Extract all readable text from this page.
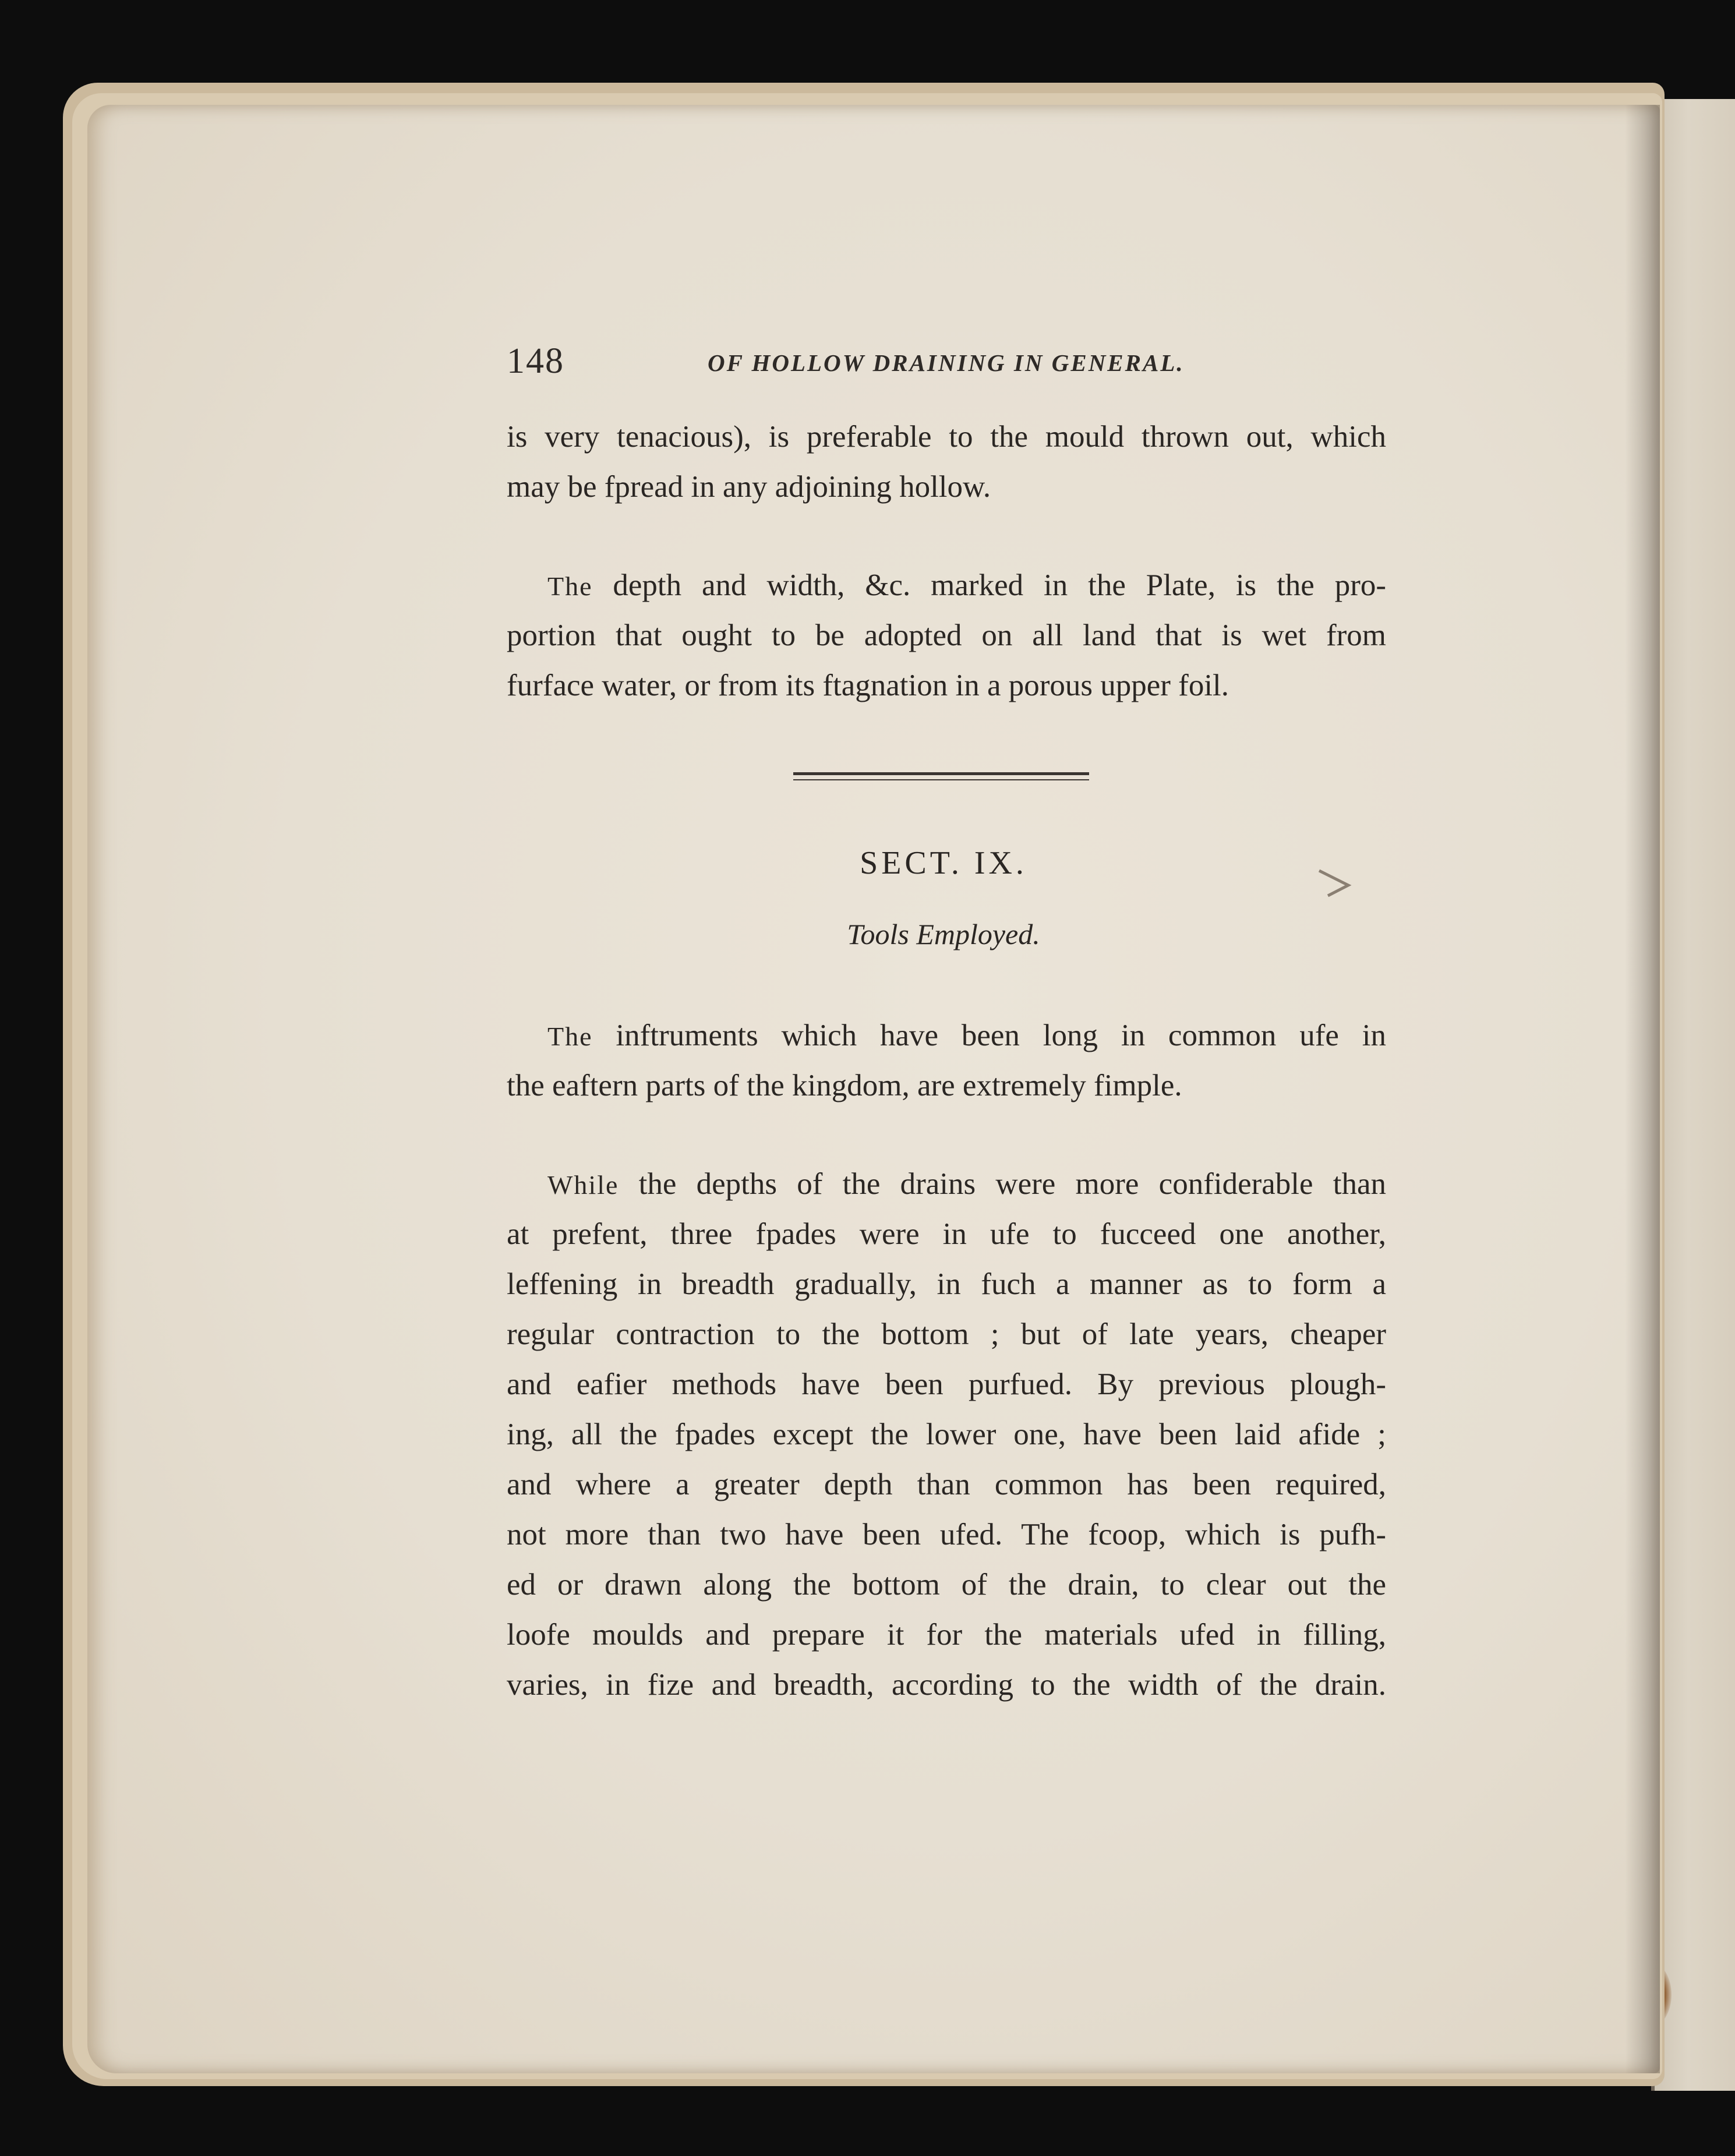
148	OF HOLLOW DRAINING IN GENERAL.
is very tenacious), is preferable to the mould thrown out, which
may be fpread in any adjoining hollow.
The depth and width, &c. marked in the Plate, is the pro-
portion that ought to be adopted on all land that is wet from
furface water, or from its ftagnation in a porous upper foil.
SECT. IX.
Tools Employed.
The inftruments which have been long in common ufe in
the eaftern parts of the kingdom, are extremely fimple.
While the depths of the drains were more confiderable than
at prefent, three fpades were in ufe to fucceed one another,
leffening in breadth gradually, in fuch a manner as to form a
regular contraction to the bottom ; but of late years, cheaper
and eafier methods have been purfued. By previous plough-
ing, all the fpades except the lower one, have been laid afide ;
and where a greater depth than common has been required,
not more than two have been ufed. The fcoop, which is pufh-
ed or drawn along the bottom of the drain, to clear out the
loofe moulds and prepare it for the materials ufed in filling,
varies, in fize and breadth, according to the width of the drain.
